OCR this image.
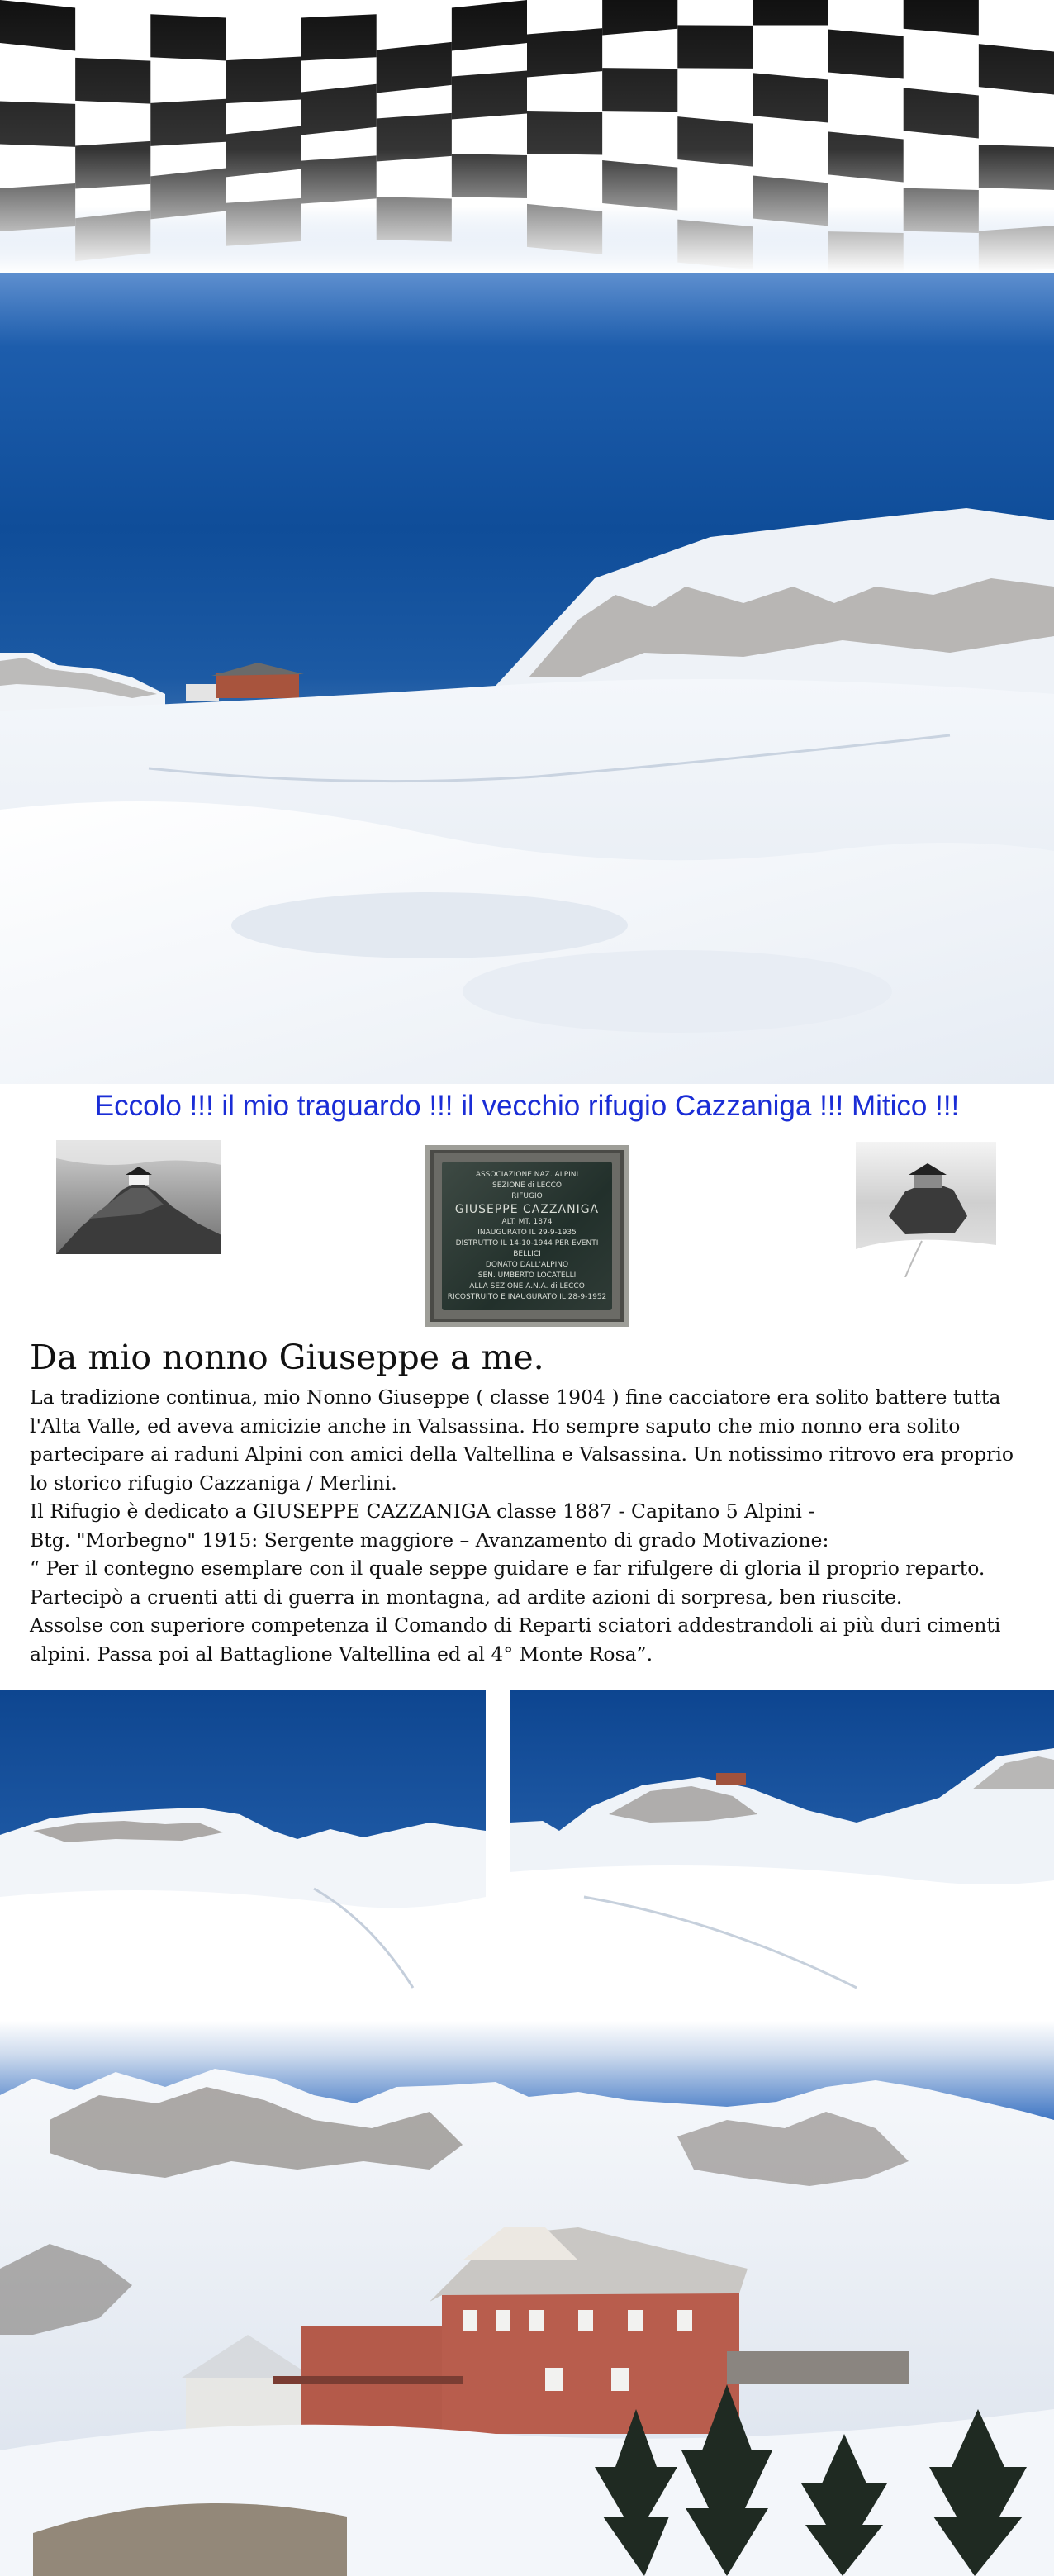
Eccolo !!! il mio traguardo !!! il vecchio rifugio Cazzaniga !!! Mitico !!!
ASSOCIAZIONE NAZ. ALPINI
SEZIONE di LECCO
RIFUGIO
GIUSEPPE CAZZANIGA
ALT. MT. 1874
INAUGURATO IL 29-9-1935
DISTRUTTO IL 14-10-1944 PER EVENTI BELLICI
DONATO DALL'ALPINO
SEN. UMBERTO LOCATELLI
ALLA SEZIONE A.N.A. di LECCO
RICOSTRUITO E INAUGURATO IL 28-9-1952
Da mio nonno Giuseppe a me.

La tradizione continua, mio Nonno Giuseppe ( classe 1904 ) fine cacciatore era solito battere tutta

l'Alta Valle, ed aveva amicizie anche in Valsassina. Ho sempre saputo che mio nonno era solito

partecipare ai raduni Alpini con amici della Valtellina e Valsassina. Un notissimo ritrovo era proprio

lo storico rifugio Cazzaniga / Merlini.

Il Rifugio è dedicato a GIUSEPPE CAZZANIGA classe 1887 - Capitano 5 Alpini -

Btg. "Morbegno" 1915: Sergente maggiore – Avanzamento di grado Motivazione:

“ Per il contegno esemplare con il quale seppe guidare e far rifulgere di gloria il proprio reparto.

Partecipò a cruenti atti di guerra in montagna, ad ardite azioni di sorpresa, ben riuscite.

Assolse con superiore competenza il Comando di Reparti sciatori addestrandoli ai più duri cimenti

alpini. Passa poi al Battaglione Valtellina ed al 4° Monte Rosa”.
